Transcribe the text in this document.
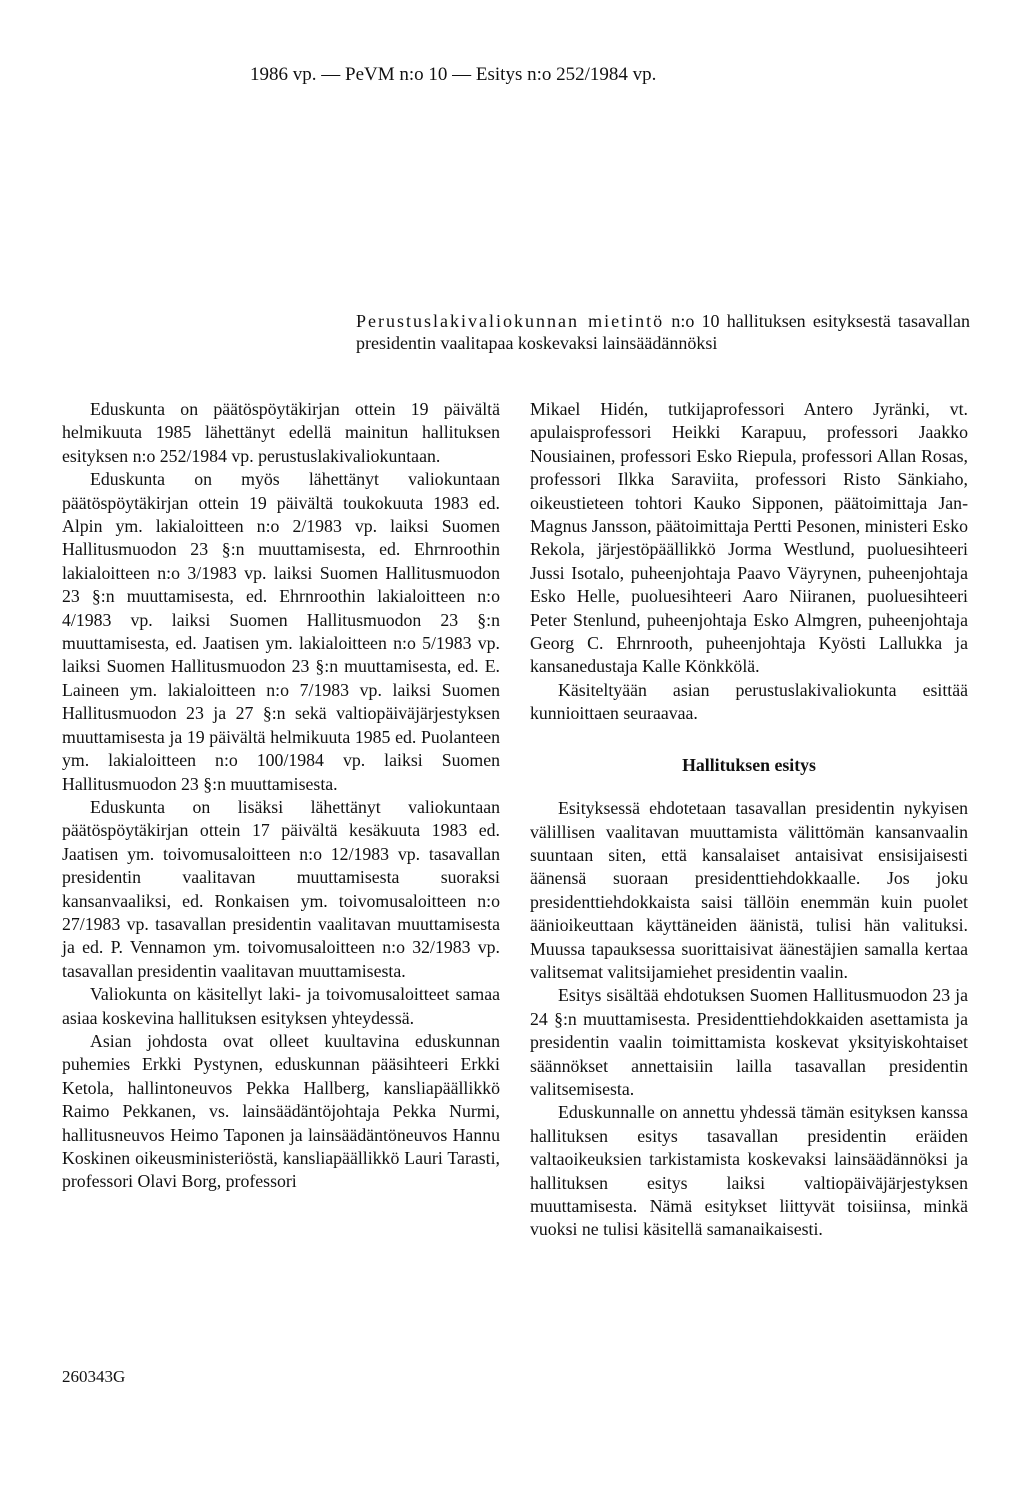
1986 vp. — PeVM n:o 10 — Esitys n:o 252/1984 vp.
Perustuslakivaliokunnan mietintö n:o 10 hallituksen esityksestä tasavallan presidentin vaalitapaa koskevaksi lainsäädännöksi

Eduskunta on päätöspöytäkirjan ottein 19 päivältä helmikuuta 1985 lähettänyt edellä mainitun hallituksen esityksen n:o 252/1984 vp. perustuslakivaliokuntaan.

Eduskunta on myös lähettänyt valiokuntaan päätöspöytäkirjan ottein 19 päivältä toukokuuta 1983 ed. Alpin ym. lakialoitteen n:o 2/1983 vp. laiksi Suomen Hallitusmuodon 23 §:n muuttamisesta, ed. Ehrnroothin lakialoitteen n:o 3/1983 vp. laiksi Suomen Hallitusmuodon 23 §:n muuttamisesta, ed. Ehrnroothin lakialoitteen n:o 4/1983 vp. laiksi Suomen Hallitusmuodon 23 §:n muuttamisesta, ed. Jaatisen ym. lakialoitteen n:o 5/1983 vp. laiksi Suomen Hallitusmuodon 23 §:n muuttamisesta, ed. E. Laineen ym. lakialoitteen n:o 7/1983 vp. laiksi Suomen Hallitusmuodon 23 ja 27 §:n sekä valtiopäiväjärjestyksen muuttamisesta ja 19 päivältä helmikuuta 1985 ed. Puolanteen ym. lakialoitteen n:o 100/1984 vp. laiksi Suomen Hallitusmuodon 23 §:n muuttamisesta.

Eduskunta on lisäksi lähettänyt valiokuntaan päätöspöytäkirjan ottein 17 päivältä kesäkuuta 1983 ed. Jaatisen ym. toivomusaloitteen n:o 12/1983 vp. tasavallan presidentin vaalitavan muuttamisesta suoraksi kansanvaaliksi, ed. Ronkaisen ym. toivomusaloitteen n:o 27/1983 vp. tasavallan presidentin vaalitavan muuttamisesta ja ed. P. Vennamon ym. toivomusaloitteen n:o 32/1983 vp. tasavallan presidentin vaalitavan muuttamisesta.

Valiokunta on käsitellyt laki- ja toivomusaloitteet samaa asiaa koskevina hallituksen esityksen yhteydessä.

Asian johdosta ovat olleet kuultavina eduskunnan puhemies Erkki Pystynen, eduskunnan pääsihteeri Erkki Ketola, hallintoneuvos Pekka Hallberg, kansliapäällikkö Raimo Pekkanen, vs. lainsäädäntöjohtaja Pekka Nurmi, hallitusneuvos Heimo Taponen ja lainsäädäntöneuvos Hannu Koskinen oikeusministeriöstä, kansliapäällikkö Lauri Tarasti, professori Olavi Borg, professori

Mikael Hidén, tutkijaprofessori Antero Jyränki, vt. apulaisprofessori Heikki Karapuu, professori Jaakko Nousiainen, professori Esko Riepula, professori Allan Rosas, professori Ilkka Saraviita, professori Risto Sänkiaho, oikeustieteen tohtori Kauko Sipponen, päätoimittaja Jan-Magnus Jansson, päätoimittaja Pertti Pesonen, ministeri Esko Rekola, järjestöpäällikkö Jorma Westlund, puoluesihteeri Jussi Isotalo, puheenjohtaja Paavo Väyrynen, puheenjohtaja Esko Helle, puoluesihteeri Aaro Niiranen, puoluesihteeri Peter Stenlund, puheenjohtaja Esko Almgren, puheenjohtaja Georg C. Ehrnrooth, puheenjohtaja Kyösti Lallukka ja kansanedustaja Kalle Könkkölä.

Käsiteltyään asian perustuslakivaliokunta esittää kunnioittaen seuraavaa.

Hallituksen esitys

Esityksessä ehdotetaan tasavallan presidentin nykyisen välillisen vaalitavan muuttamista välittömän kansanvaalin suuntaan siten, että kansalaiset antaisivat ensisijaisesti äänensä suoraan presidenttiehdokkaalle. Jos joku presidenttiehdokkaista saisi tällöin enemmän kuin puolet äänioikeuttaan käyttäneiden äänistä, tulisi hän valituksi. Muussa tapauksessa suorittaisivat äänestäjien samalla kertaa valitsemat valitsijamiehet presidentin vaalin.

Esitys sisältää ehdotuksen Suomen Hallitusmuodon 23 ja 24 §:n muuttamisesta. Presidenttiehdokkaiden asettamista ja presidentin vaalin toimittamista koskevat yksityiskohtaiset säännökset annettaisiin lailla tasavallan presidentin valitsemisesta.

Eduskunnalle on annettu yhdessä tämän esityksen kanssa hallituksen esitys tasavallan presidentin eräiden valtaoikeuksien tarkistamista koskevaksi lainsäädännöksi ja hallituksen esitys laiksi valtiopäiväjärjestyksen muuttamisesta. Nämä esitykset liittyvät toisiinsa, minkä vuoksi ne tulisi käsitellä samanaikaisesti.

260343G
